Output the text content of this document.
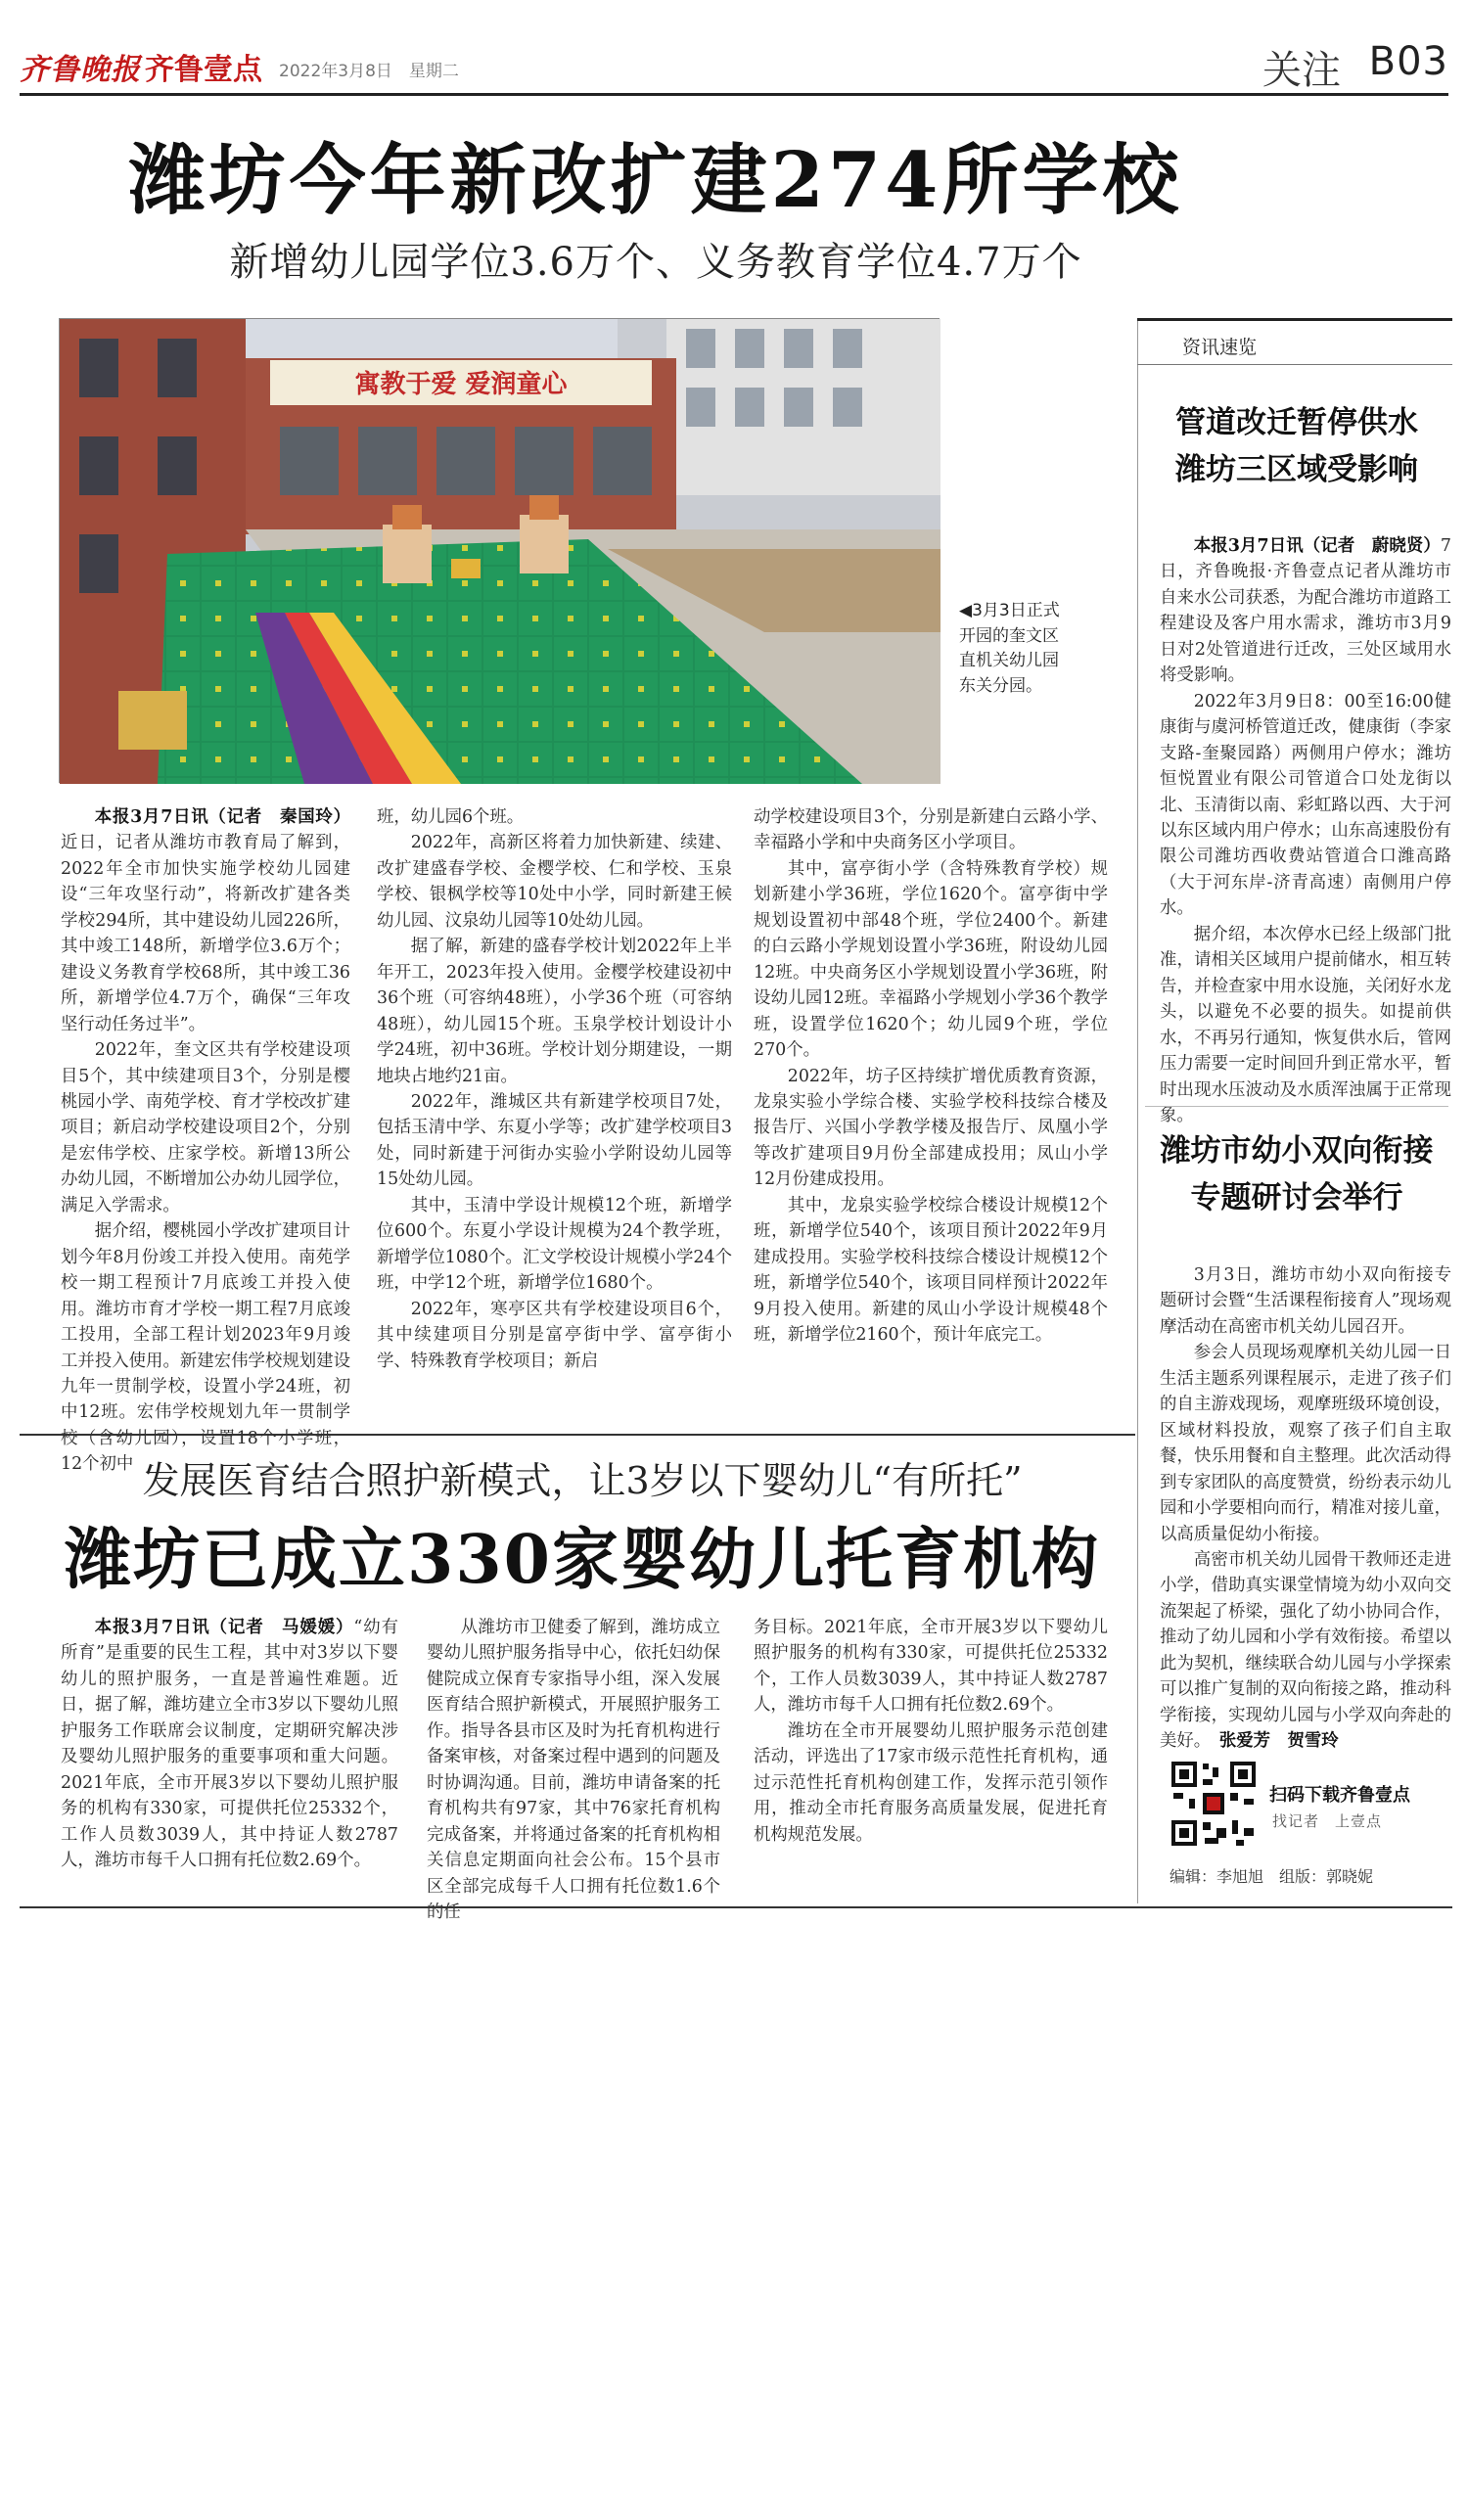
齐鲁晚报 齐鲁壹点 2022年3月8日　星期二	关注 B03
潍坊今年新改扩建274所学校
新增幼儿园学位3.6万个、义务教育学位4.7万个
寓教于爱 爱润童心
◀3月3日正式开园的奎文区直机关幼儿园东关分园。

本报3月7日讯（记者　秦国玲）近日，记者从潍坊市教育局了解到，2022年全市加快实施学校幼儿园建设“三年攻坚行动”，将新改扩建各类学校294所，其中建设幼儿园226所，其中竣工148所，新增学位3.6万个；建设义务教育学校68所，其中竣工36所，新增学位4.7万个，确保“三年攻坚行动任务过半”。

2022年，奎文区共有学校建设项目5个，其中续建项目3个，分别是樱桃园小学、南苑学校、育才学校改扩建项目；新启动学校建设项目2个，分别是宏伟学校、庄家学校。新增13所公办幼儿园，不断增加公办幼儿园学位，满足入学需求。

据介绍，樱桃园小学改扩建项目计划今年8月份竣工并投入使用。南苑学校一期工程预计7月底竣工并投入使用。潍坊市育才学校一期工程7月底竣工投用，全部工程计划2023年9月竣工并投入使用。新建宏伟学校规划建设九年一贯制学校，设置小学24班，初中12班。宏伟学校规划九年一贯制学校（含幼儿园），设置18个小学班，12个初中

班，幼儿园6个班。

2022年，高新区将着力加快新建、续建、改扩建盛春学校、金樱学校、仁和学校、玉泉学校、银枫学校等10处中小学，同时新建王候幼儿园、汶泉幼儿园等10处幼儿园。

据了解，新建的盛春学校计划2022年上半年开工，2023年投入使用。金樱学校建设初中36个班（可容纳48班），小学36个班（可容纳48班），幼儿园15个班。玉泉学校计划设计小学24班，初中36班。学校计划分期建设，一期地块占地约21亩。

2022年，潍城区共有新建学校项目7处，包括玉清中学、东夏小学等；改扩建学校项目3处，同时新建于河街办实验小学附设幼儿园等15处幼儿园。

其中，玉清中学设计规模12个班，新增学位600个。东夏小学设计规模为24个教学班，新增学位1080个。汇文学校设计规模小学24个班，中学12个班，新增学位1680个。

2022年，寒亭区共有学校建设项目6个，其中续建项目分别是富亭街中学、富亭街小学、特殊教育学校项目；新启

动学校建设项目3个，分别是新建白云路小学、幸福路小学和中央商务区小学项目。

其中，富亭街小学（含特殊教育学校）规划新建小学36班，学位1620个。富亭街中学规划设置初中部48个班，学位2400个。新建的白云路小学规划设置小学36班，附设幼儿园12班。中央商务区小学规划设置小学36班，附设幼儿园12班。幸福路小学规划小学36个教学班，设置学位1620个；幼儿园9个班，学位270个。

2022年，坊子区持续扩增优质教育资源，龙泉实验小学综合楼、实验学校科技综合楼及报告厅、兴国小学教学楼及报告厅、凤凰小学等改扩建项目9月份全部建成投用；凤山小学12月份建成投用。

其中，龙泉实验学校综合楼设计规模12个班，新增学位540个，该项目预计2022年9月建成投用。实验学校科技综合楼设计规模12个班，新增学位540个，该项目同样预计2022年9月投入使用。新建的凤山小学设计规模48个班，新增学位2160个，预计年底完工。

发展医育结合照护新模式，让3岁以下婴幼儿“有所托”
潍坊已成立330家婴幼儿托育机构

本报3月7日讯（记者　马媛媛）“幼有所育”是重要的民生工程，其中对3岁以下婴幼儿的照护服务，一直是普遍性难题。近日，据了解，潍坊建立全市3岁以下婴幼儿照护服务工作联席会议制度，定期研究解决涉及婴幼儿照护服务的重要事项和重大问题。2021年底，全市开展3岁以下婴幼儿照护服务的机构有330家，可提供托位25332个，工作人员数3039人，其中持证人数2787人，潍坊市每千人口拥有托位数2.69个。

从潍坊市卫健委了解到，潍坊成立婴幼儿照护服务指导中心，依托妇幼保健院成立保育专家指导小组，深入发展医育结合照护新模式，开展照护服务工作。指导各县市区及时为托育机构进行备案审核，对备案过程中遇到的问题及时协调沟通。目前，潍坊申请备案的托育机构共有97家，其中76家托育机构完成备案，并将通过备案的托育机构相关信息定期面向社会公布。15个县市区全部完成每千人口拥有托位数1.6个的任

务目标。2021年底，全市开展3岁以下婴幼儿照护服务的机构有330家，可提供托位25332个，工作人员数3039人，其中持证人数2787人，潍坊市每千人口拥有托位数2.69个。

潍坊在全市开展婴幼儿照护服务示范创建活动，评选出了17家市级示范性托育机构，通过示范性托育机构创建工作，发挥示范引领作用，推动全市托育服务高质量发展，促进托育机构规范发展。

资讯速览
管道改迁暂停供水
潍坊三区域受影响

本报3月7日讯（记者　蔚晓贤）7日，齐鲁晚报·齐鲁壹点记者从潍坊市自来水公司获悉，为配合潍坊市道路工程建设及客户用水需求，潍坊市3月9日对2处管道进行迁改，三处区域用水将受影响。

2022年3月9日8：00至16:00健康街与虞河桥管道迁改，健康街（李家支路-奎聚园路）两侧用户停水；潍坊恒悦置业有限公司管道合口处龙街以北、玉清街以南、彩虹路以西、大于河以东区域内用户停水；山东高速股份有限公司潍坊西收费站管道合口潍高路（大于河东岸-济青高速）南侧用户停水。

据介绍，本次停水已经上级部门批准，请相关区域用户提前储水，相互转告，并检查家中用水设施，关闭好水龙头，以避免不必要的损失。如提前供水，不再另行通知，恢复供水后，管网压力需要一定时间回升到正常水平，暂时出现水压波动及水质浑浊属于正常现象。

潍坊市幼小双向衔接
专题研讨会举行

3月3日，潍坊市幼小双向衔接专题研讨会暨“生活课程衔接育人”现场观摩活动在高密市机关幼儿园召开。

参会人员现场观摩机关幼儿园一日生活主题系列课程展示，走进了孩子们的自主游戏现场，观摩班级环境创设，区域材料投放，观察了孩子们自主取餐，快乐用餐和自主整理。此次活动得到专家团队的高度赞赏，纷纷表示幼儿园和小学要相向而行，精准对接儿童，以高质量促幼小衔接。

高密市机关幼儿园骨干教师还走进小学，借助真实课堂情境为幼小双向交流架起了桥梁，强化了幼小协同合作，推动了幼儿园和小学有效衔接。希望以此为契机，继续联合幼儿园与小学探索可以推广复制的双向衔接之路，推动科学衔接，实现幼儿园与小学双向奔赴的美好。　 张爱芳　贺雪玲

扫码下载齐鲁壹点
找记者　上壹点
编辑：李旭旭　组版：郭晓妮
